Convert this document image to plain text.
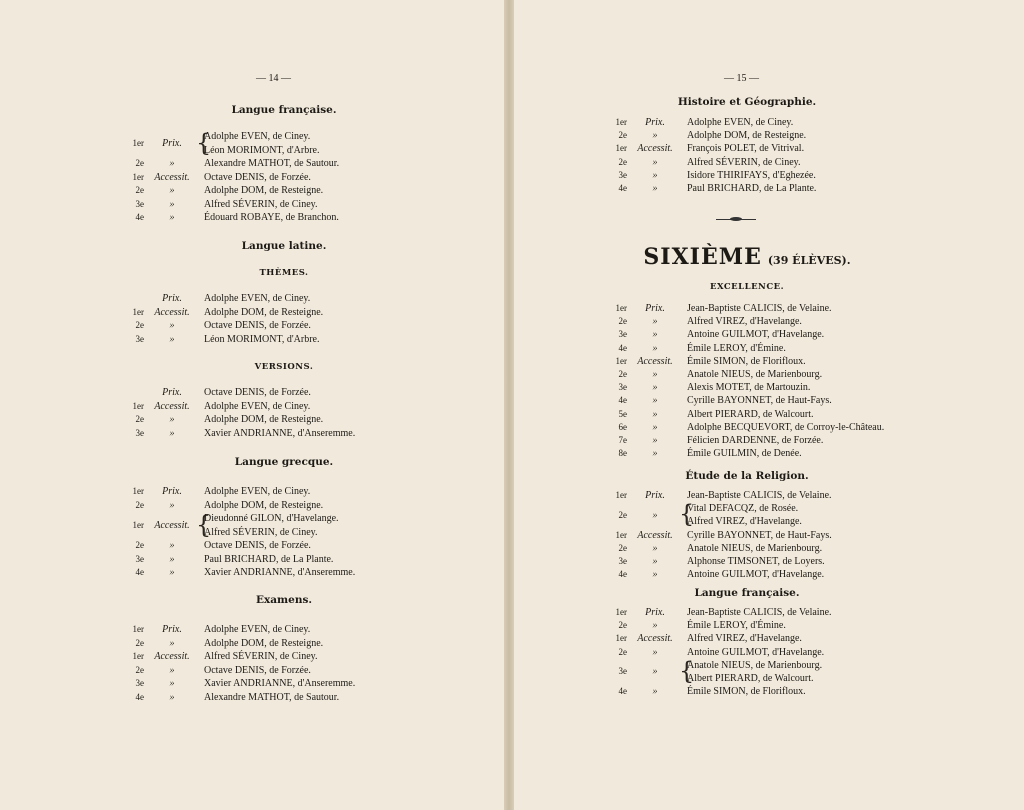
— 14 —
Langue française.
1er	Prix. {
Adolphe EVEN, de Ciney.
Léon MORIMONT, d'Arbre.
2e	»	Alexandre MATHOT, de Sautour.
1er	Accessit.	Octave DENIS, de Forzée.
2e	»	Adolphe DOM, de Resteigne.
3e	»	Alfred SÉVERIN, de Ciney.
4e	»	Édouard ROBAYE, de Branchon.
Langue latine.
THÈMES.
Prix.	Adolphe EVEN, de Ciney.
1er	Accessit.	Adolphe DOM, de Resteigne.
2e	»	Octave DENIS, de Forzée.
3e	»	Léon MORIMONT, d'Arbre.
VERSIONS.
Prix.	Octave DENIS, de Forzée.
1er	Accessit.	Adolphe EVEN, de Ciney.
2e	»	Adolphe DOM, de Resteigne.
3e	»	Xavier ANDRIANNE, d'Anseremme.
Langue grecque.
1er	Prix.	Adolphe EVEN, de Ciney.
2e	»	Adolphe DOM, de Resteigne.
1er	Accessit. {
Dieudonné GILON, d'Havelange.
Alfred SÉVERIN, de Ciney.
2e	»	Octave DENIS, de Forzée.
3e	»	Paul BRICHARD, de La Plante.
4e	»	Xavier ANDRIANNE, d'Anseremme.
Examens.
1er	Prix.	Adolphe EVEN, de Ciney.
2e	»	Adolphe DOM, de Resteigne.
1er	Accessit.	Alfred SÉVERIN, de Ciney.
2e	»	Octave DENIS, de Forzée.
3e	»	Xavier ANDRIANNE, d'Anseremme.
4e	»	Alexandre MATHOT, de Sautour.
— 15 —
Histoire et Géographie.
1er	Prix.	Adolphe EVEN, de Ciney.
2e	»	Adolphe DOM, de Resteigne.
1er	Accessit.	François POLET, de Vitrival.
2e	»	Alfred SÉVERIN, de Ciney.
3e	»	Isidore THIRIFAYS, d'Eghezée.
4e	»	Paul BRICHARD, de La Plante.
SIXIÈME (39 ÉLÈVES).
EXCELLENCE.
1er	Prix.	Jean-Baptiste CALICIS, de Velaine.
2e	»	Alfred VIREZ, d'Havelange.
3e	»	Antoine GUILMOT, d'Havelange.
4e	»	Émile LEROY, d'Émine.
1er	Accessit.	Émile SIMON, de Florifloux.
2e	»	Anatole NIEUS, de Marienbourg.
3e	»	Alexis MOTET, de Martouzin.
4e	»	Cyrille BAYONNET, de Haut-Fays.
5e	»	Albert PIERARD, de Walcourt.
6e	»	Adolphe BECQUEVORT, de Corroy-le-Château.
7e	»	Félicien DARDENNE, de Forzée.
8e	»	Émile GUILMIN, de Denée.
Étude de la Religion.
1er	Prix.	Jean-Baptiste CALICIS, de Velaine.
2e	» {
Vital DEFACQZ, de Rosée.
Alfred VIREZ, d'Havelange.
1er	Accessit.	Cyrille BAYONNET, de Haut-Fays.
2e	»	Anatole NIEUS, de Marienbourg.
3e	»	Alphonse TIMSONET, de Loyers.
4e	»	Antoine GUILMOT, d'Havelange.
Langue française.
1er	Prix.	Jean-Baptiste CALICIS, de Velaine.
2e	»	Émile LEROY, d'Émine.
1er	Accessit.	Alfred VIREZ, d'Havelange.
2e	»	Antoine GUILMOT, d'Havelange.
3e	» {
Anatole NIEUS, de Marienbourg.
Albert PIERARD, de Walcourt.
4e	»	Émile SIMON, de Florifloux.
